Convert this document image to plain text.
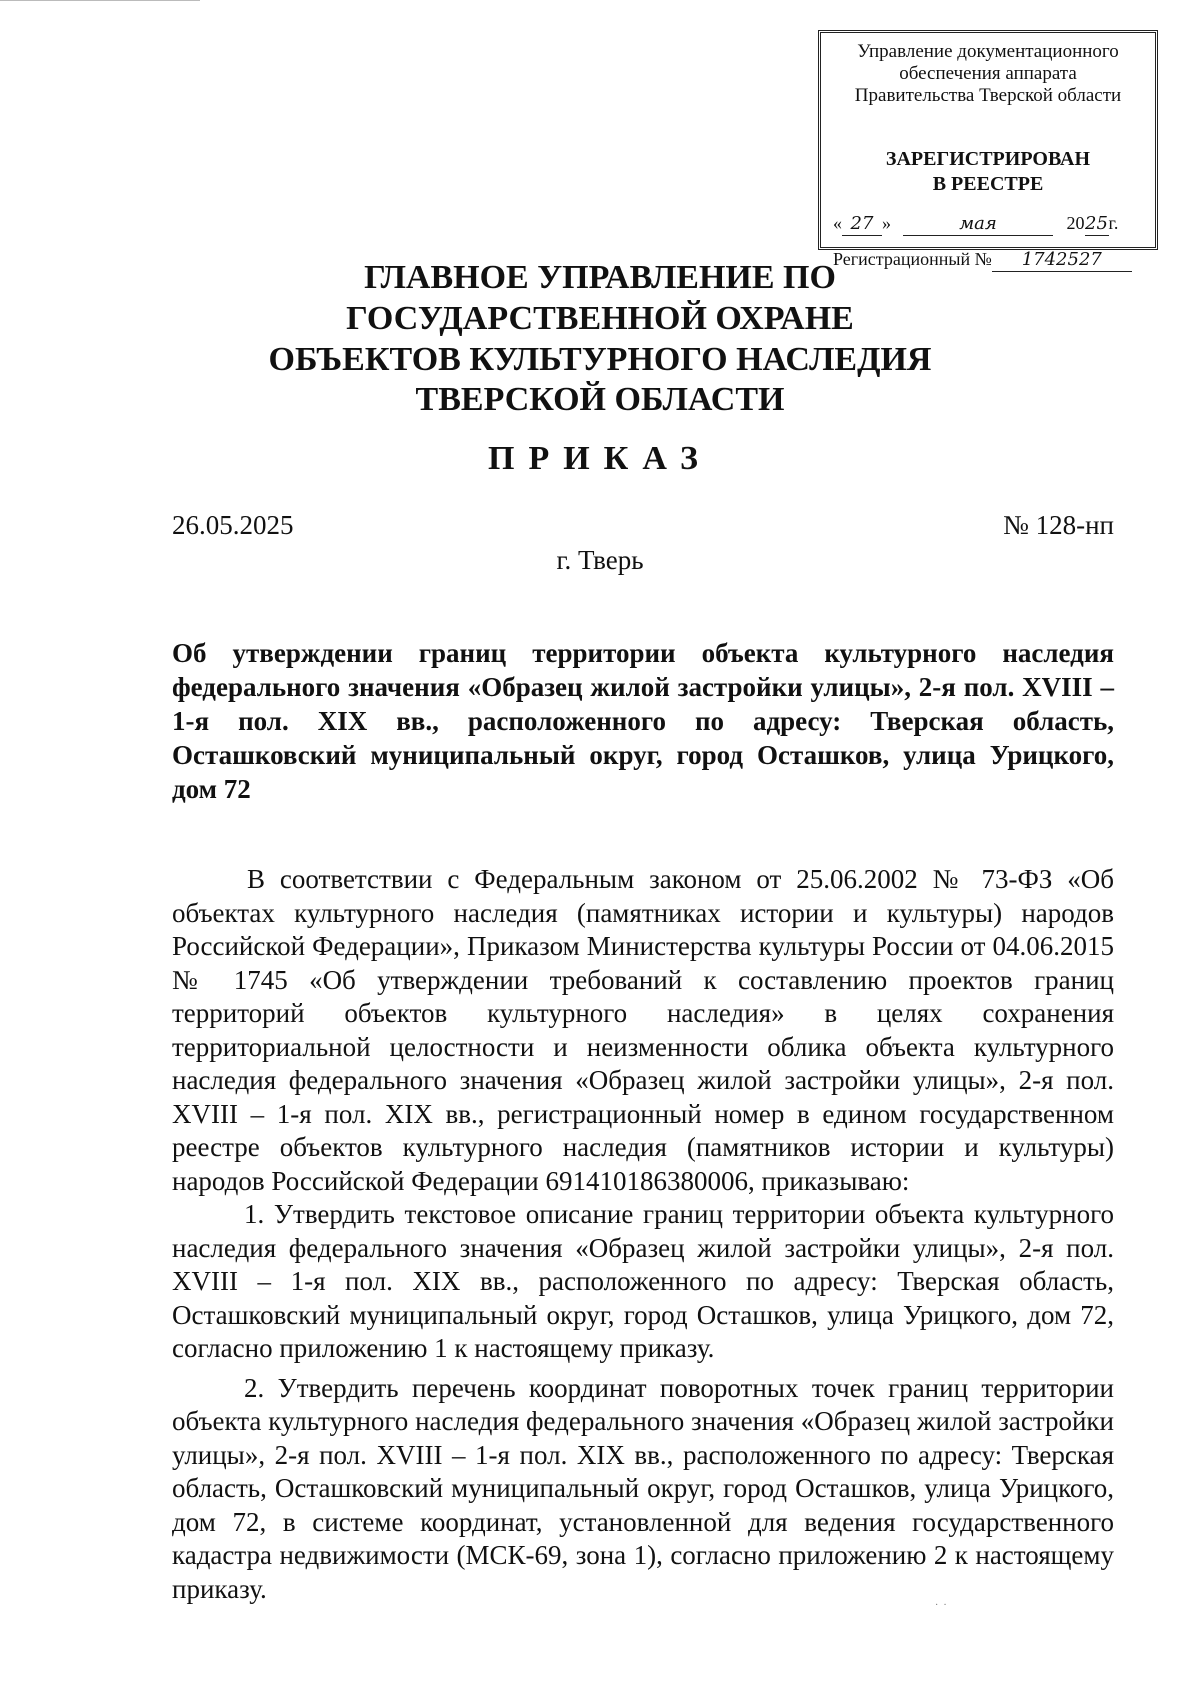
Управление документационного
обеспечения аппарата
Правительства Тверской области
ЗАРЕГИСТРИРОВАН
В РЕЕСТРЕ
« 27 »	мая	2025г.
Регистрационный № 1742527
ГЛАВНОЕ УПРАВЛЕНИЕ ПО
ГОСУДАРСТВЕННОЙ ОХРАНЕ
ОБЪЕКТОВ КУЛЬТУРНОГО НАСЛЕДИЯ
ТВЕРСКОЙ ОБЛАСТИ
ПРИКАЗ
26.05.2025	№ 128-нп
г. Тверь
Об утверждении границ территории объекта культурного наследия федерального значения «Образец жилой застройки улицы», 2-я пол. XVIII – 1-я пол. XIX вв., расположенного по адресу: Тверская область, Осташковский муниципальный округ, город Осташков, улица Урицкого, дом 72

В соответствии с Федеральным законом от 25.06.2002 № 73-ФЗ «Об объектах культурного наследия (памятниках истории и культуры) народов Российской Федерации», Приказом Министерства культуры России от 04.06.2015 № 1745 «Об утверждении требований к составлению проектов границ территорий объектов культурного наследия» в целях сохранения территориальной целостности и неизменности облика объекта культурного наследия федерального значения «Образец жилой застройки улицы», 2-я пол. XVIII – 1-я пол. XIX вв., регистрационный номер в едином государственном реестре объектов культурного наследия (памятников истории и культуры) народов Российской Федерации 691410186380006, приказываю:

1. Утвердить текстовое описание границ территории объекта культурного наследия федерального значения «Образец жилой застройки улицы», 2-я пол. XVIII – 1-я пол. XIX вв., расположенного по адресу: Тверская область, Осташковский муниципальный округ, город Осташков, улица Урицкого, дом 72, согласно приложению 1 к настоящему приказу.

2. Утвердить перечень координат поворотных точек границ территории объекта культурного наследия федерального значения «Образец жилой застройки улицы», 2-я пол. XVIII – 1-я пол. XIX вв., расположенного по адресу: Тверская область, Осташковский муниципальный округ, город Осташков, улица Урицкого, дом 72, в системе координат, установленной для ведения государственного кадастра недвижимости (МСК-69, зона 1), согласно приложению 2 к настоящему приказу.

·  ·
